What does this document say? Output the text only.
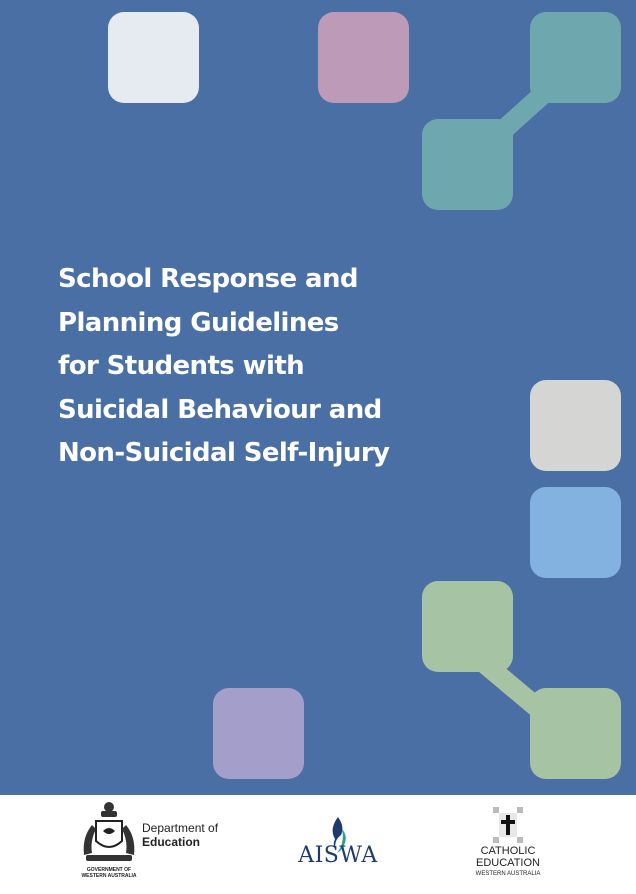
School Response and
Planning Guidelines
for Students with
Suicidal Behaviour and
Non-Suicidal Self-Injury
GOVERNMENT OF
WESTERN AUSTRALIA
Department of
Education
AISWA	CATHOLIC
EDUCATION
WESTERN AUSTRALIA
